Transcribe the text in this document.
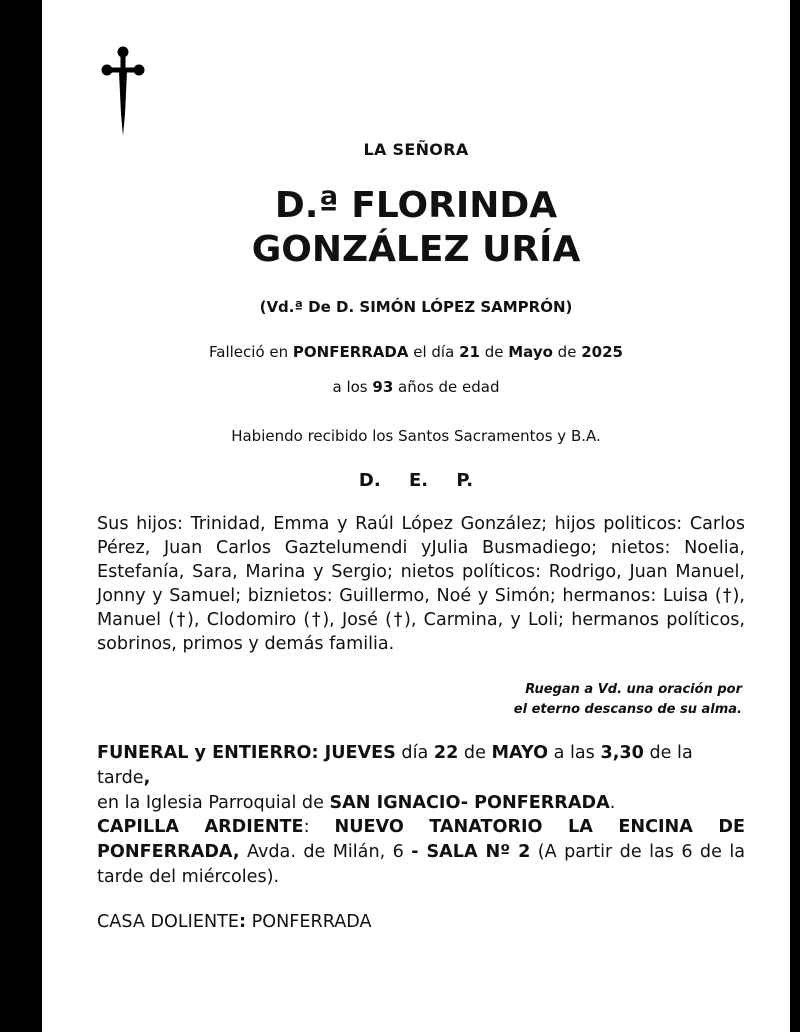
LA SEÑORA
D.ª FLORINDA
GONZÁLEZ URÍA
(Vd.ª De D. SIMÓN LÓPEZ SAMPRÓN)
Falleció en PONFERRADA el día 21 de Mayo de 2025
a los 93 años de edad
Habiendo recibido los Santos Sacramentos y B.A.
D. E. P.
Sus hijos: Trinidad, Emma y Raúl López González; hijos politicos: Carlos Pérez, Juan Carlos Gaztelumendi yJulia Busmadiego; nietos: Noelia, Estefanía, Sara, Marina y Sergio; nietos políticos: Rodrigo, Juan Manuel, Jonny y Samuel; biznietos: Guillermo, Noé y Simón; hermanos: Luisa (†), Manuel (†), Clodomiro (†), José (†), Carmina, y Loli; hermanos políticos, sobrinos, primos y demás familia.
Ruegan a Vd. una oración por
el eterno descanso de su alma.
FUNERAL y ENTIERRO: JUEVES día 22 de MAYO a las 3,30 de la tarde,
en la Iglesia Parroquial de SAN IGNACIO- PONFERRADA.
CAPILLA ARDIENTE: NUEVO TANATORIO LA ENCINA DE PONFERRADA, Avda. de Milán, 6 - SALA Nº 2 (A partir de las 6 de la tarde del miércoles).
CASA DOLIENTE: PONFERRADA
